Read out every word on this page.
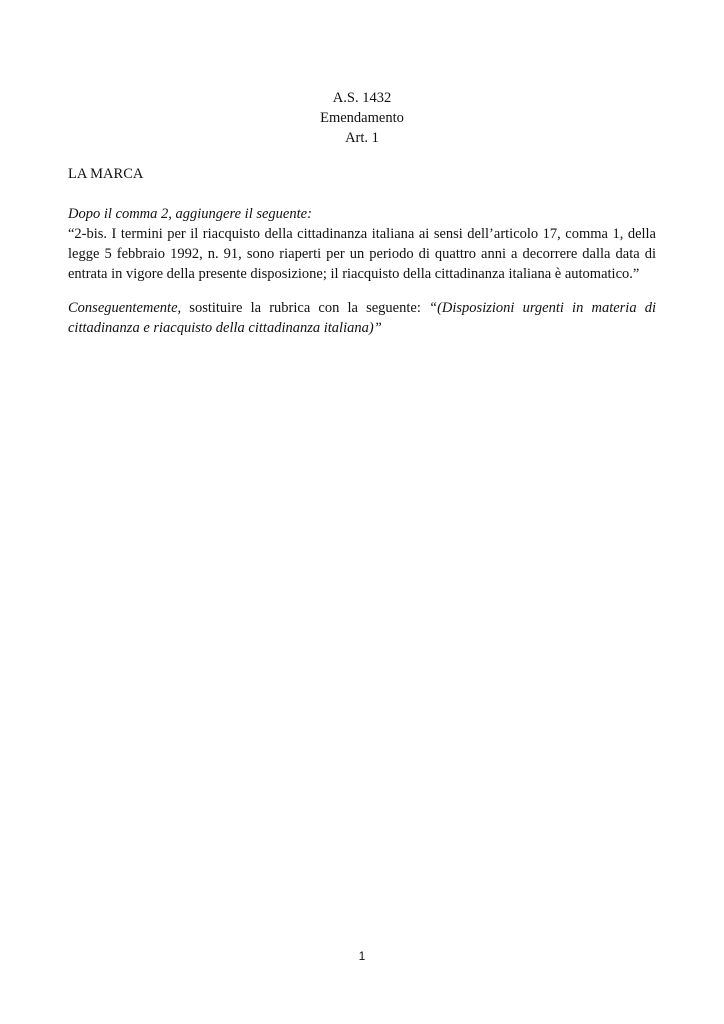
A.S. 1432
Emendamento
Art. 1
LA MARCA
Dopo il comma 2, aggiungere il seguente:
“2-bis. I termini per il riacquisto della cittadinanza italiana ai sensi dell’articolo 17, comma 1, della legge 5 febbraio 1992, n. 91, sono riaperti per un periodo di quattro anni a decorrere dalla data di entrata in vigore della presente disposizione; il riacquisto della cittadinanza italiana è automatico.”
Conseguentemente, sostituire la rubrica con la seguente: “(Disposizioni urgenti in materia di cittadinanza e riacquisto della cittadinanza italiana)”
1
